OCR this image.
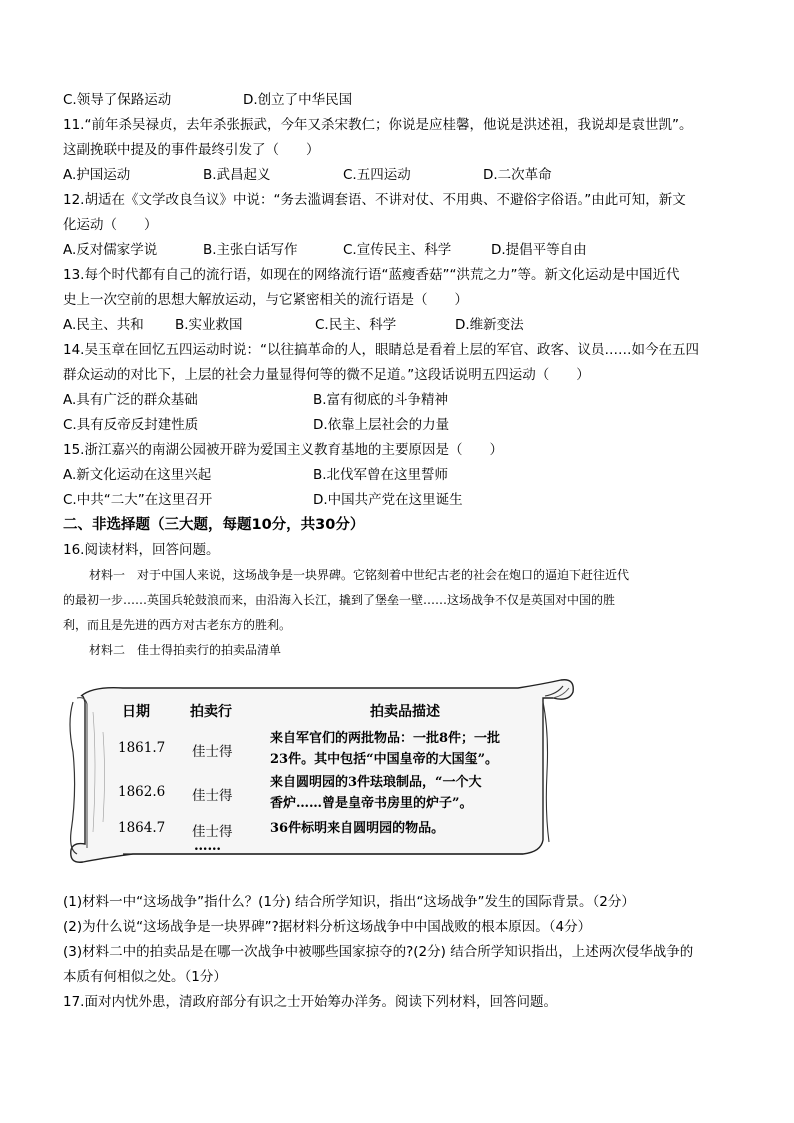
C.领导了保路运动	D.创立了中华民国
11.“前年杀吴禄贞，去年杀张振武，今年又杀宋教仁；你说是应桂馨，他说是洪述祖，我说却是袁世凯”。
这副挽联中提及的事件最终引发了（　　）
A.护国运动	B.武昌起义	C.五四运动	D.二次革命
12.胡适在《文学改良刍议》中说：“务去滥调套语、不讲对仗、不用典、不避俗字俗语。”由此可知，新文
化运动（　　）
A.反对儒家学说	B.主张白话写作	C.宣传民主、科学	D.提倡平等自由
13.每个时代都有自己的流行语，如现在的网络流行语“蓝瘦香菇”“洪荒之力”等。新文化运动是中国近代
史上一次空前的思想大解放运动，与它紧密相关的流行语是（　　）
A.民主、共和	B.实业救国	C.民主、科学	D.维新变法
14.吴玉章在回忆五四运动时说：“以往搞革命的人，眼睛总是看着上层的军官、政客、议员……如今在五四
群众运动的对比下，上层的社会力量显得何等的微不足道。”这段话说明五四运动（　　）
A.具有广泛的群众基础	B.富有彻底的斗争精神
C.具有反帝反封建性质	D.依靠上层社会的力量
15.浙江嘉兴的南湖公园被开辟为爱国主义教育基地的主要原因是（　　）
A.新文化运动在这里兴起	B.北伐军曾在这里誓师
C.中共“二大”在这里召开	D.中国共产党在这里诞生
二、非选择题（三大题，每题10分，共30分）
16.阅读材料，回答问题。
材料一　对于中国人来说，这场战争是一块界碑。它铭刻着中世纪古老的社会在炮口的逼迫下赶往近代
的最初一步……英国兵轮鼓浪而来，由沿海入长江，撬到了堡垒一壁……这场战争不仅是英国对中国的胜
利，而且是先进的西方对古老东方的胜利。
材料二　佳士得拍卖行的拍卖品清单
日期	拍卖行	拍卖品描述
1861.7 佳士得
来自军官们的两批物品：一批8件；一批
23件。其中包括“中国皇帝的大国玺”。
1862.6 佳士得
来自圆明园的3件珐琅制品，“一个大
香炉……曾是皇帝书房里的炉子”。
1864.7 佳士得	36件标明来自圆明园的物品。
……
(1)材料一中“这场战争”指什么？(1分) 结合所学知识，指出“这场战争”发生的国际背景。（2分）
(2)为什么说“这场战争是一块界碑”?据材料分析这场战争中中国战败的根本原因。（4分）
(3)材料二中的拍卖品是在哪一次战争中被哪些国家掠夺的?(2分) 结合所学知识指出，上述两次侵华战争的
本质有何相似之处。（1分）
17.面对内忧外患，清政府部分有识之士开始筹办洋务。阅读下列材料，回答问题。
